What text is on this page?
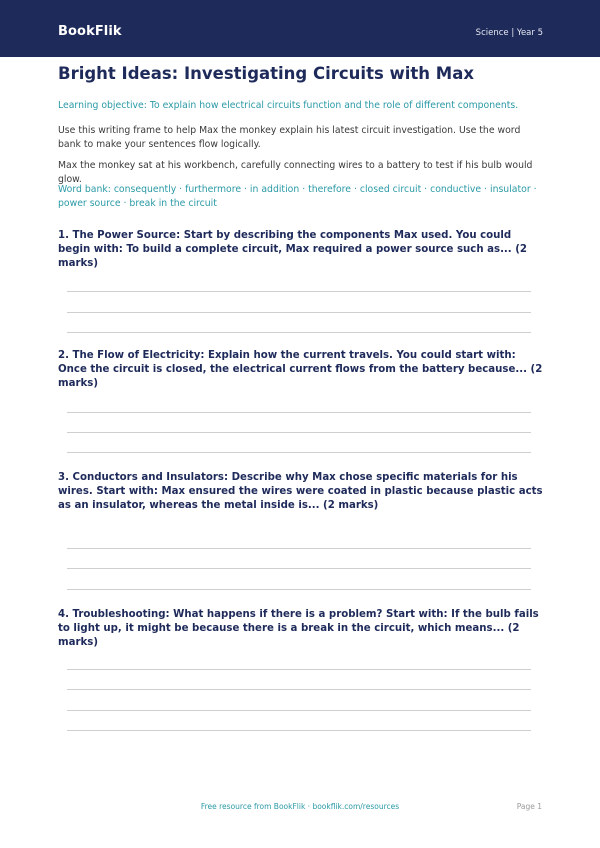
BookFlik	Science | Year 5
Bright Ideas: Investigating Circuits with Max

Learning objective: To explain how electrical circuits function and the role of different components.

Use this writing frame to help Max the monkey explain his latest circuit investigation. Use the word bank to make your sentences flow logically.

Max the monkey sat at his workbench, carefully connecting wires to a battery to test if his bulb would glow.

Word bank: consequently · furthermore · in addition · therefore · closed circuit · conductive · insulator · power source · break in the circuit

1. The Power Source: Start by describing the components Max used. You could begin with: To build a complete circuit, Max required a power source such as... (2 marks)

2. The Flow of Electricity: Explain how the current travels. You could start with: Once the circuit is closed, the electrical current flows from the battery because... (2 marks)

3. Conductors and Insulators: Describe why Max chose specific materials for his wires. Start with: Max ensured the wires were coated in plastic because plastic acts as an insulator, whereas the metal inside is... (2 marks)

4. Troubleshooting: What happens if there is a problem? Start with: If the bulb fails to light up, it might be because there is a break in the circuit, which means... (2 marks)

Free resource from BookFlik · bookflik.com/resources	Page 1
